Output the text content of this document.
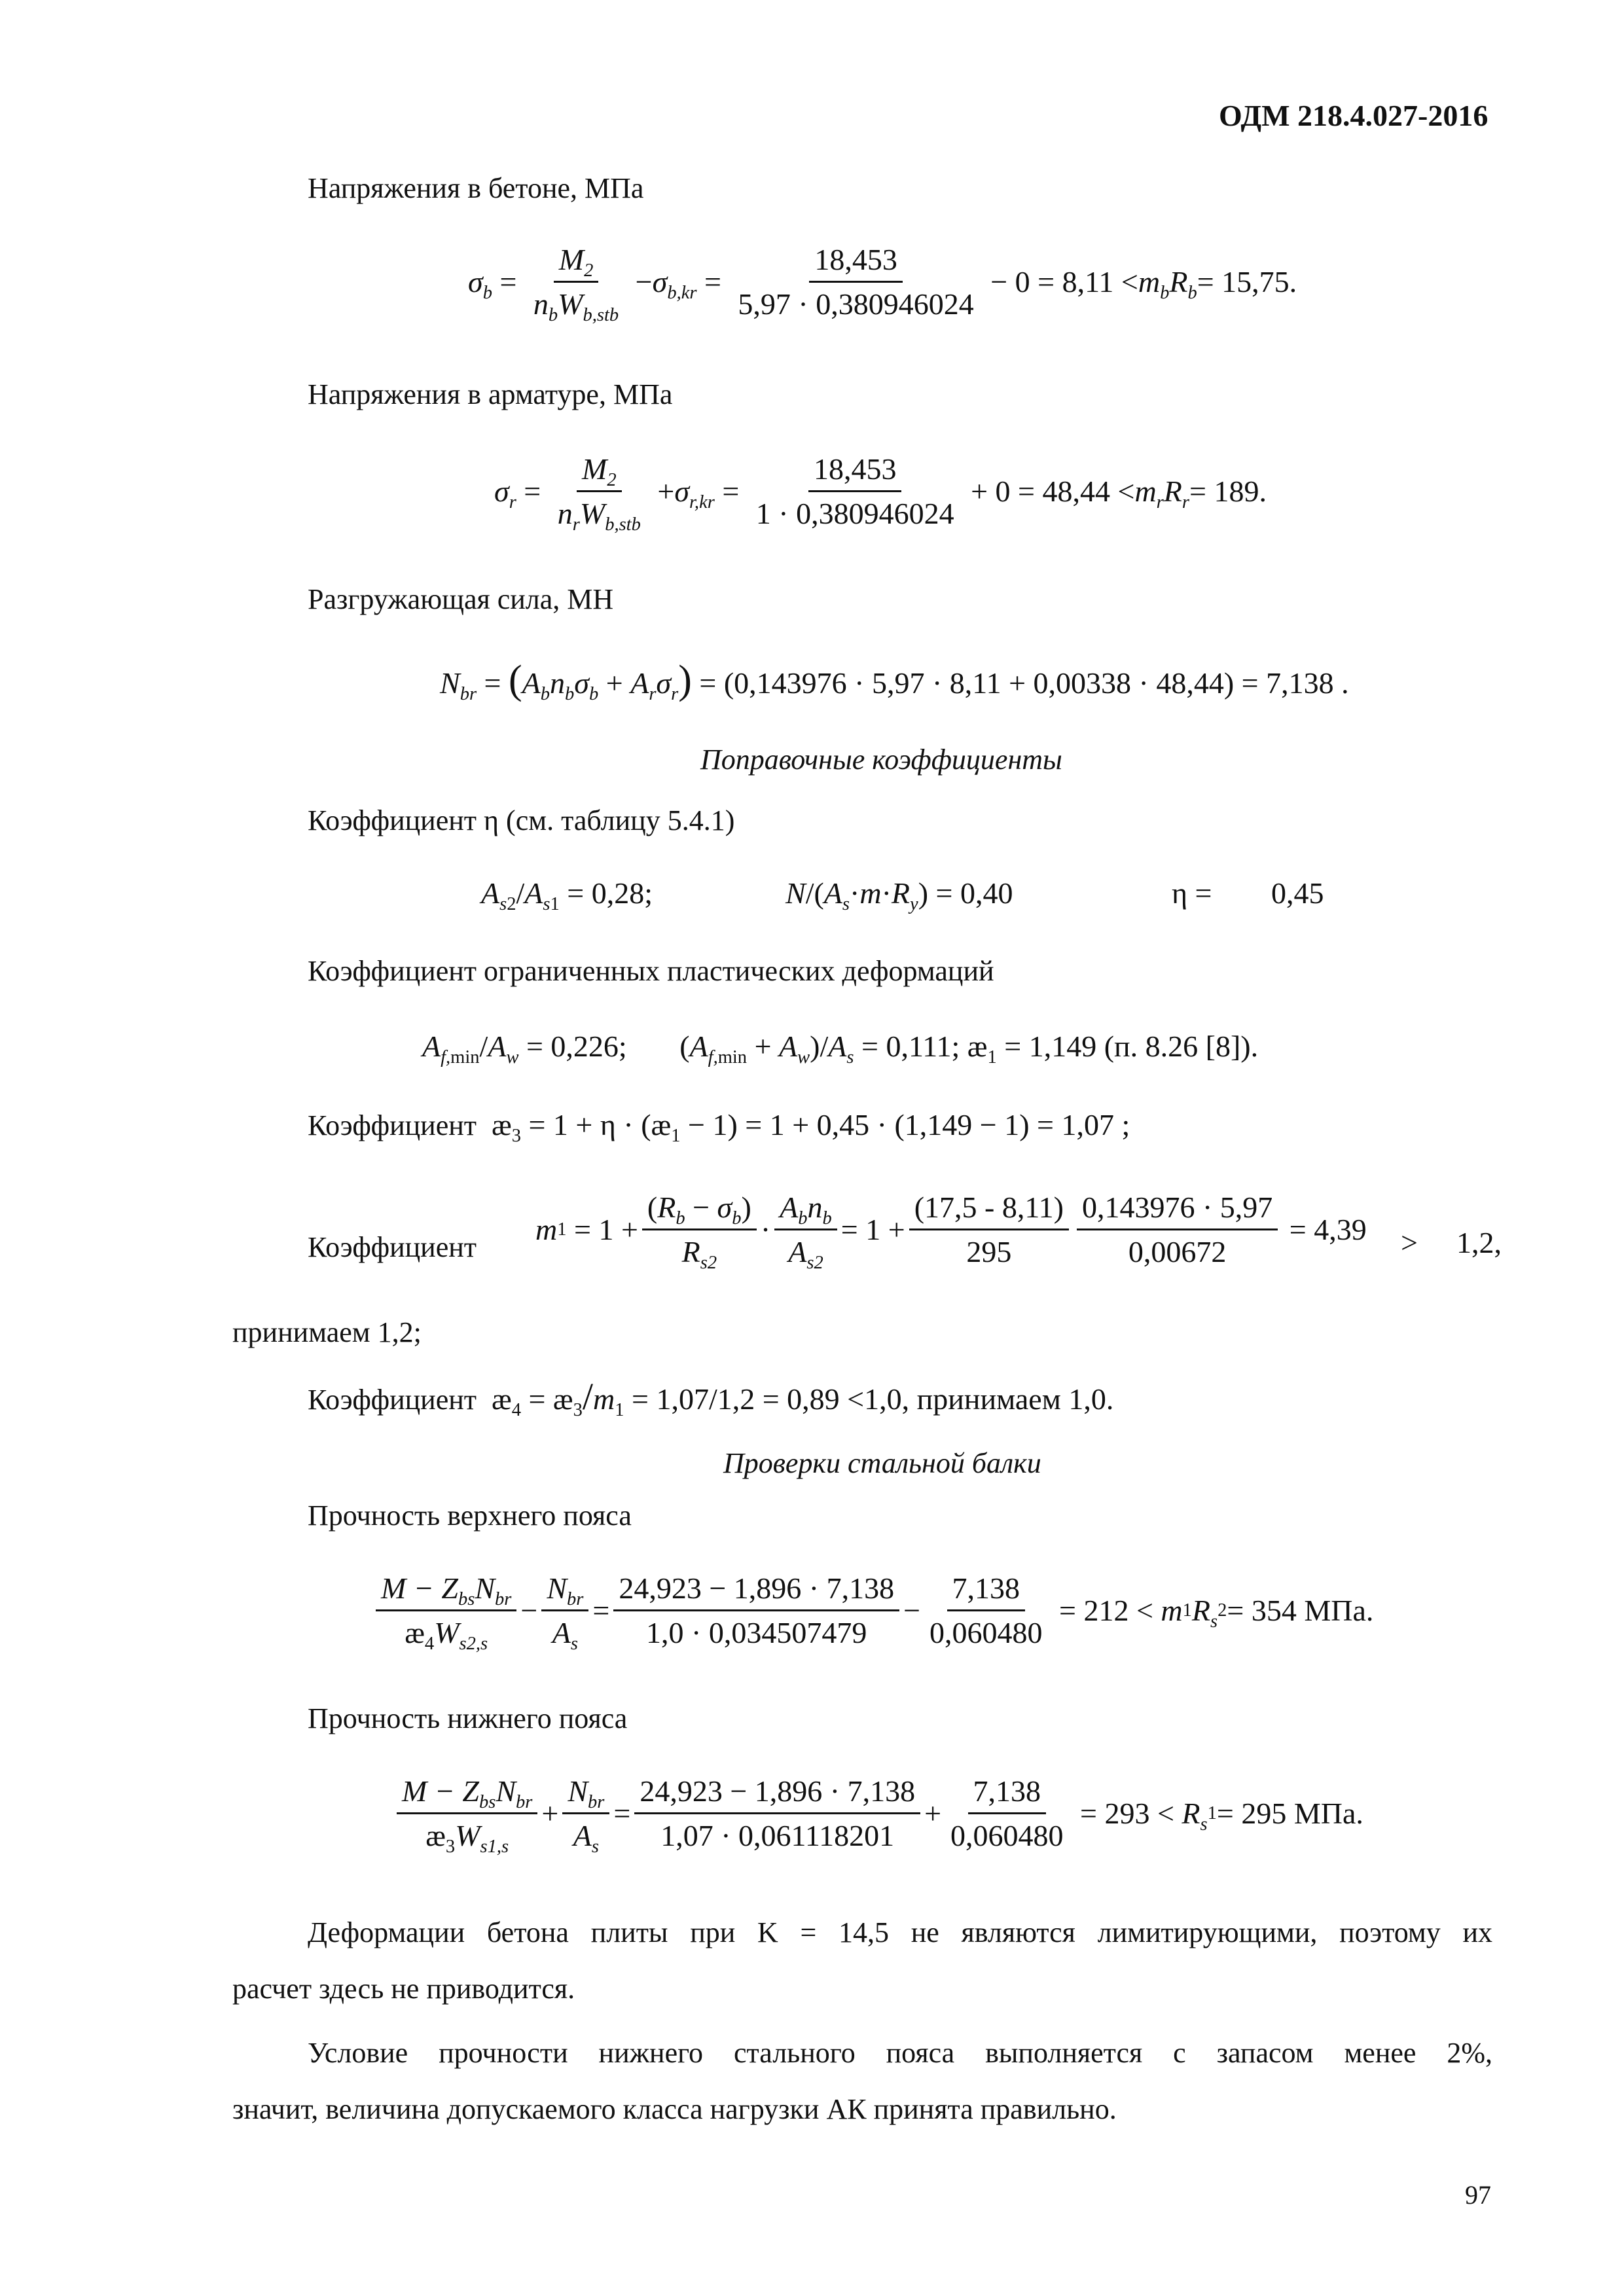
ОДМ 218.4.027-2016
Напряжения в бетоне, МПа
$\sigma_b = \frac{M_2}{n_bW_{b,stb}} - \sigma_{b,kr} = \frac{18,453}{5,97 \cdot 0,380946024}$
− $0 = 8,11 < m_bR_b = 15,75$.
Напряжения в арматуре, МПа
$\sigma_r = \frac{M_2}{n_rW_{b,stb}} + \sigma_{r,kr} = \frac{18,453}{1 \cdot 0,380946024}$
+ $0 = 48,44 < m_rR_r = 189$.
Разгружающая сила, МН
$N_{br} = (A_bn_b\sigma_b + A_r\sigma_r) = (0,143976 \cdot 5,97 \cdot 8,11 + 0,00338 \cdot 48,44) = 7,138$ .
Поправочные коэффициенты
Коэффициент η (см. таблицу 5.4.1)
$A_{s2}/A_{s1} = 0,28$;	$N/(A_s\cdot m\cdot R_y) = 0,40$	η = 0,45
Коэффициент ограниченных пластических деформаций
$A_{f,min}/A_w = 0,226$;       $(A_{f,min} + A_w)/A_s = 0,111$; $æ_1 = 1,149$ (п. 8.26 [8]).
Коэффициент  $æ_3 = 1 + \eta$ · $(æ_1 - 1) = 1 + 0,45 \cdot (1,149 - 1) = 1,07$ ;
Коэффициент
m $1 = 1 + \frac{(R_b - \sigma_b)}{R_{s2}} \cdot \frac{A_bn_b}{A_{s2}} = 1 + \frac{(17,5 - 8,11)}{295} \frac{0,143976 \cdot 5,97}{0,00672}$
= 4,39 > 1,2,
принимаем 1,2;
Коэффициент  $æ_4$ = $æ_3/m_1 = 1,07/1,2 = 0,89 <1,0$, принимаем 1,0.
Проверки стальной балки
Прочность верхнего пояса
$\frac{M - Z_{bs}N_{br}}{æ_4W_{s2,s}} - \frac{N_{br}}{A_s} = \frac{24,923 - 1,896 \cdot 7,138}{1,0 \cdot 0,034507479} - \frac{7,138}{0,060480}$
= 212 <
m 1 $R_s$
2 = 354 МПа.
Прочность нижнего пояса
$\frac{M - Z_{bs}N_{br}}{æ_3W_{s1,s}} + \frac{N_{br}}{A_s} = \frac{24,923 - 1,896 \cdot 7,138}{1,07 \cdot 0,061118201} + \frac{7,138}{0,060480}$
= 293 <
$R_s$
1 = 295 МПа.
Деформации бетона плиты при K = 14,5 не являются лимитирующими, поэтому их
расчет здесь не приводится.
Условие прочности нижнего стального пояса выполняется с запасом менее 2%,
значит, величина допускаемого класса нагрузки АК принята правильно.
97
